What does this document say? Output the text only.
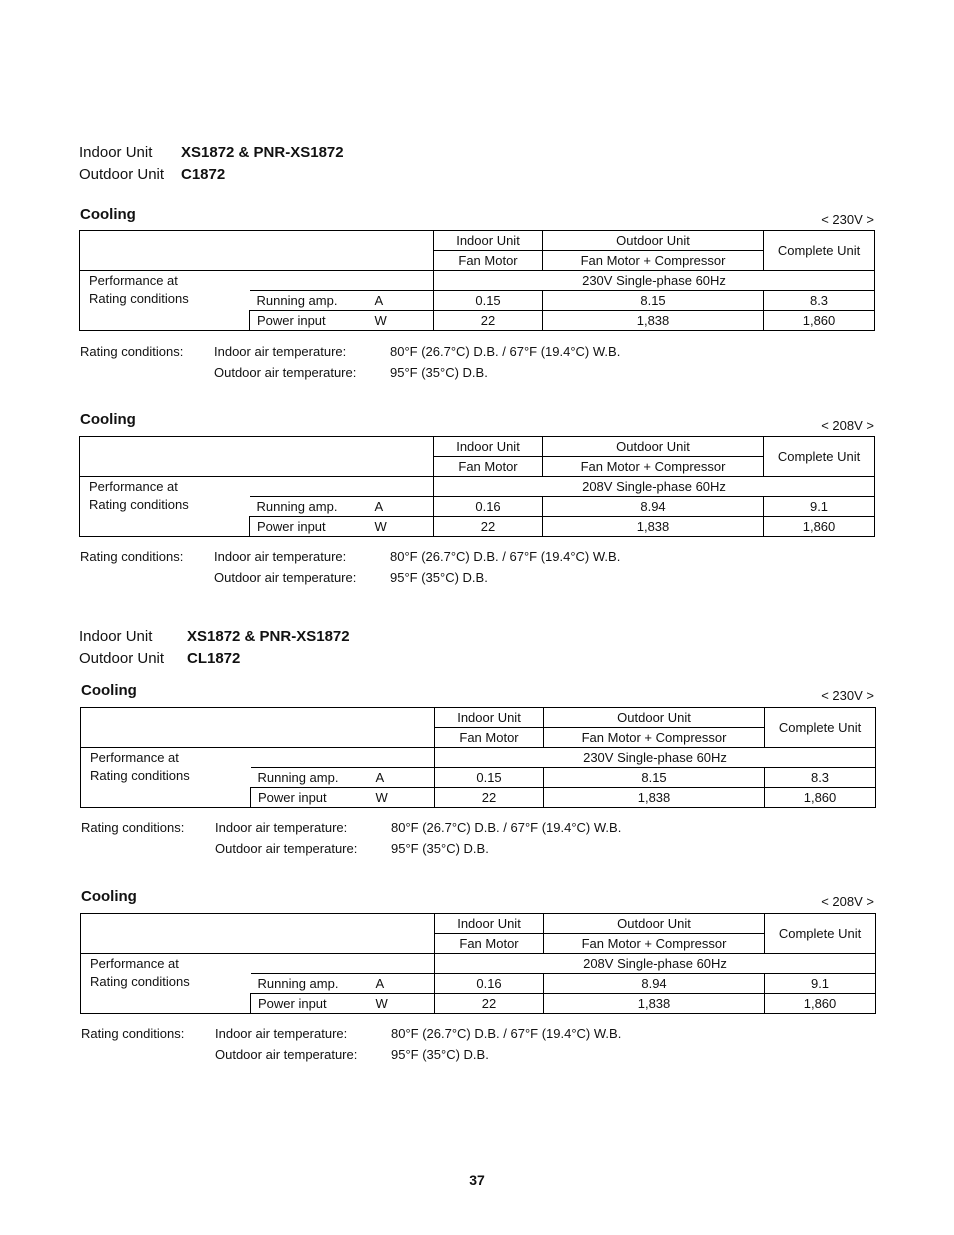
Indoor Unit XS1872 & PNR-XS1872
Outdoor Unit C1872
Cooling	< 230V >
			Indoor Unit	Outdoor Unit	Complete Unit
			Fan Motor	Fan Motor + Compressor	
Performance at			230V Single-phase 60Hz		
Rating conditions	Running amp.	A	0.15	8.15	8.3
	Power input	W	22	1,838	1,860
Rating conditions: Indoor air temperature:	80°F (26.7°C) D.B. / 67°F (19.4°C) W.B.
Outdoor air temperature:	95°F (35°C) D.B.
Cooling	< 208V >
			Indoor Unit	Outdoor Unit	Complete Unit
			Fan Motor	Fan Motor + Compressor	
Performance at			208V Single-phase 60Hz		
Rating conditions	Running amp.	A	0.16	8.94	9.1
	Power input	W	22	1,838	1,860
Rating conditions: Indoor air temperature:	80°F (26.7°C) D.B. / 67°F (19.4°C) W.B.
Outdoor air temperature:	95°F (35°C) D.B.
Indoor Unit XS1872 & PNR-XS1872
Outdoor Unit CL1872
Cooling	< 230V >
			Indoor Unit	Outdoor Unit	Complete Unit
			Fan Motor	Fan Motor + Compressor	
Performance at			230V Single-phase 60Hz		
Rating conditions	Running amp.	A	0.15	8.15	8.3
	Power input	W	22	1,838	1,860
Rating conditions: Indoor air temperature:	80°F (26.7°C) D.B. / 67°F (19.4°C) W.B.
Outdoor air temperature:	95°F (35°C) D.B.
Cooling	< 208V >
			Indoor Unit	Outdoor Unit	Complete Unit
			Fan Motor	Fan Motor + Compressor	
Performance at			208V Single-phase 60Hz		
Rating conditions	Running amp.	A	0.16	8.94	9.1
	Power input	W	22	1,838	1,860
Rating conditions: Indoor air temperature:	80°F (26.7°C) D.B. / 67°F (19.4°C) W.B.
Outdoor air temperature:	95°F (35°C) D.B.
37
